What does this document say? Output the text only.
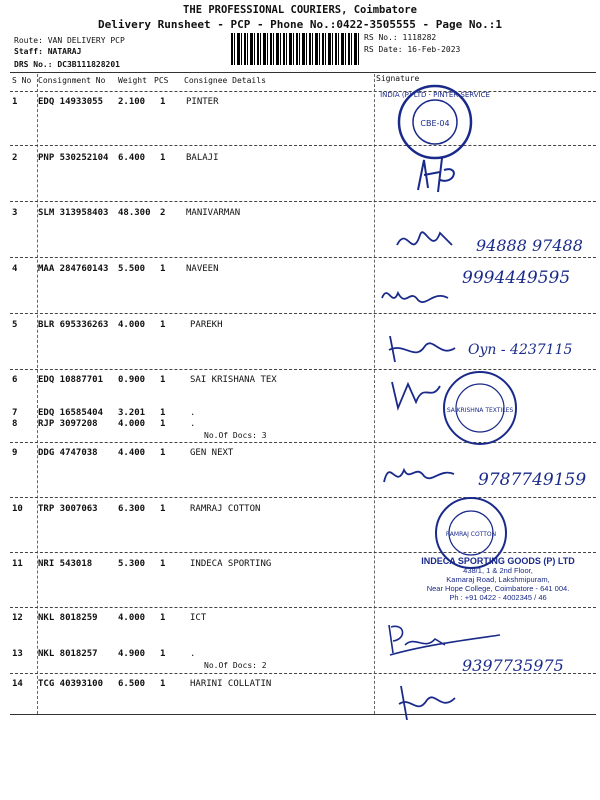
THE PROFESSIONAL COURIERS, Coimbatore
Delivery Runsheet - PCP - Phone No.:0422-3505555 - Page No.:1
Route: VAN DELIVERY PCP
Staff: NATARAJ
DRS No.: DC3B111828201
RS No.: 1118282
RS Date: 16-Feb-2023
S No Consignment No Weight PCS Consignee Details	Signature
1 EDQ 14933055 2.100 1 PINTER
2 PNP 530252104 6.400 1 BALAJI
3 SLM 313958403 48.300 2 MANIVARMAN
4 MAA 284760143 5.500 1 NAVEEN
5 BLR 695336263 4.000 1	PAREKH
6 EDQ 10887701 0.900 1	SAI KRISHANA TEX
7 EDQ 16585404 3.201 1	.
8 RJP 3097208 4.000 1	.
No.Of Docs: 3
9 DDG 4747038 4.400 1	GEN NEXT
10 TRP 3007063 6.300 1	RAMRAJ COTTON
11 NRI 543018	5.300 1	INDECA SPORTING
12 NKL 8018259 4.000 1	ICT
13 NKL 8018257 4.900 1	.
No.Of Docs: 2
14 TCG 40393100 6.500 1	HARINI COLLATIN
INDIA (P) LTD · PINTER SERVICE
CBE-04
94888 97488
9994449595
Oyn - 4237115
SAIKRISHNA TEXTILES
9787749159
RAMRAJ COTTON
INDECA SPORTING GOODS (P) LTD
438/1, 1 & 2nd Floor,
Kamaraj Road, Lakshmipuram,
Near Hope College, Coimbatore - 641 004.
Ph : +91 0422 - 4002345 / 46
9397735975
